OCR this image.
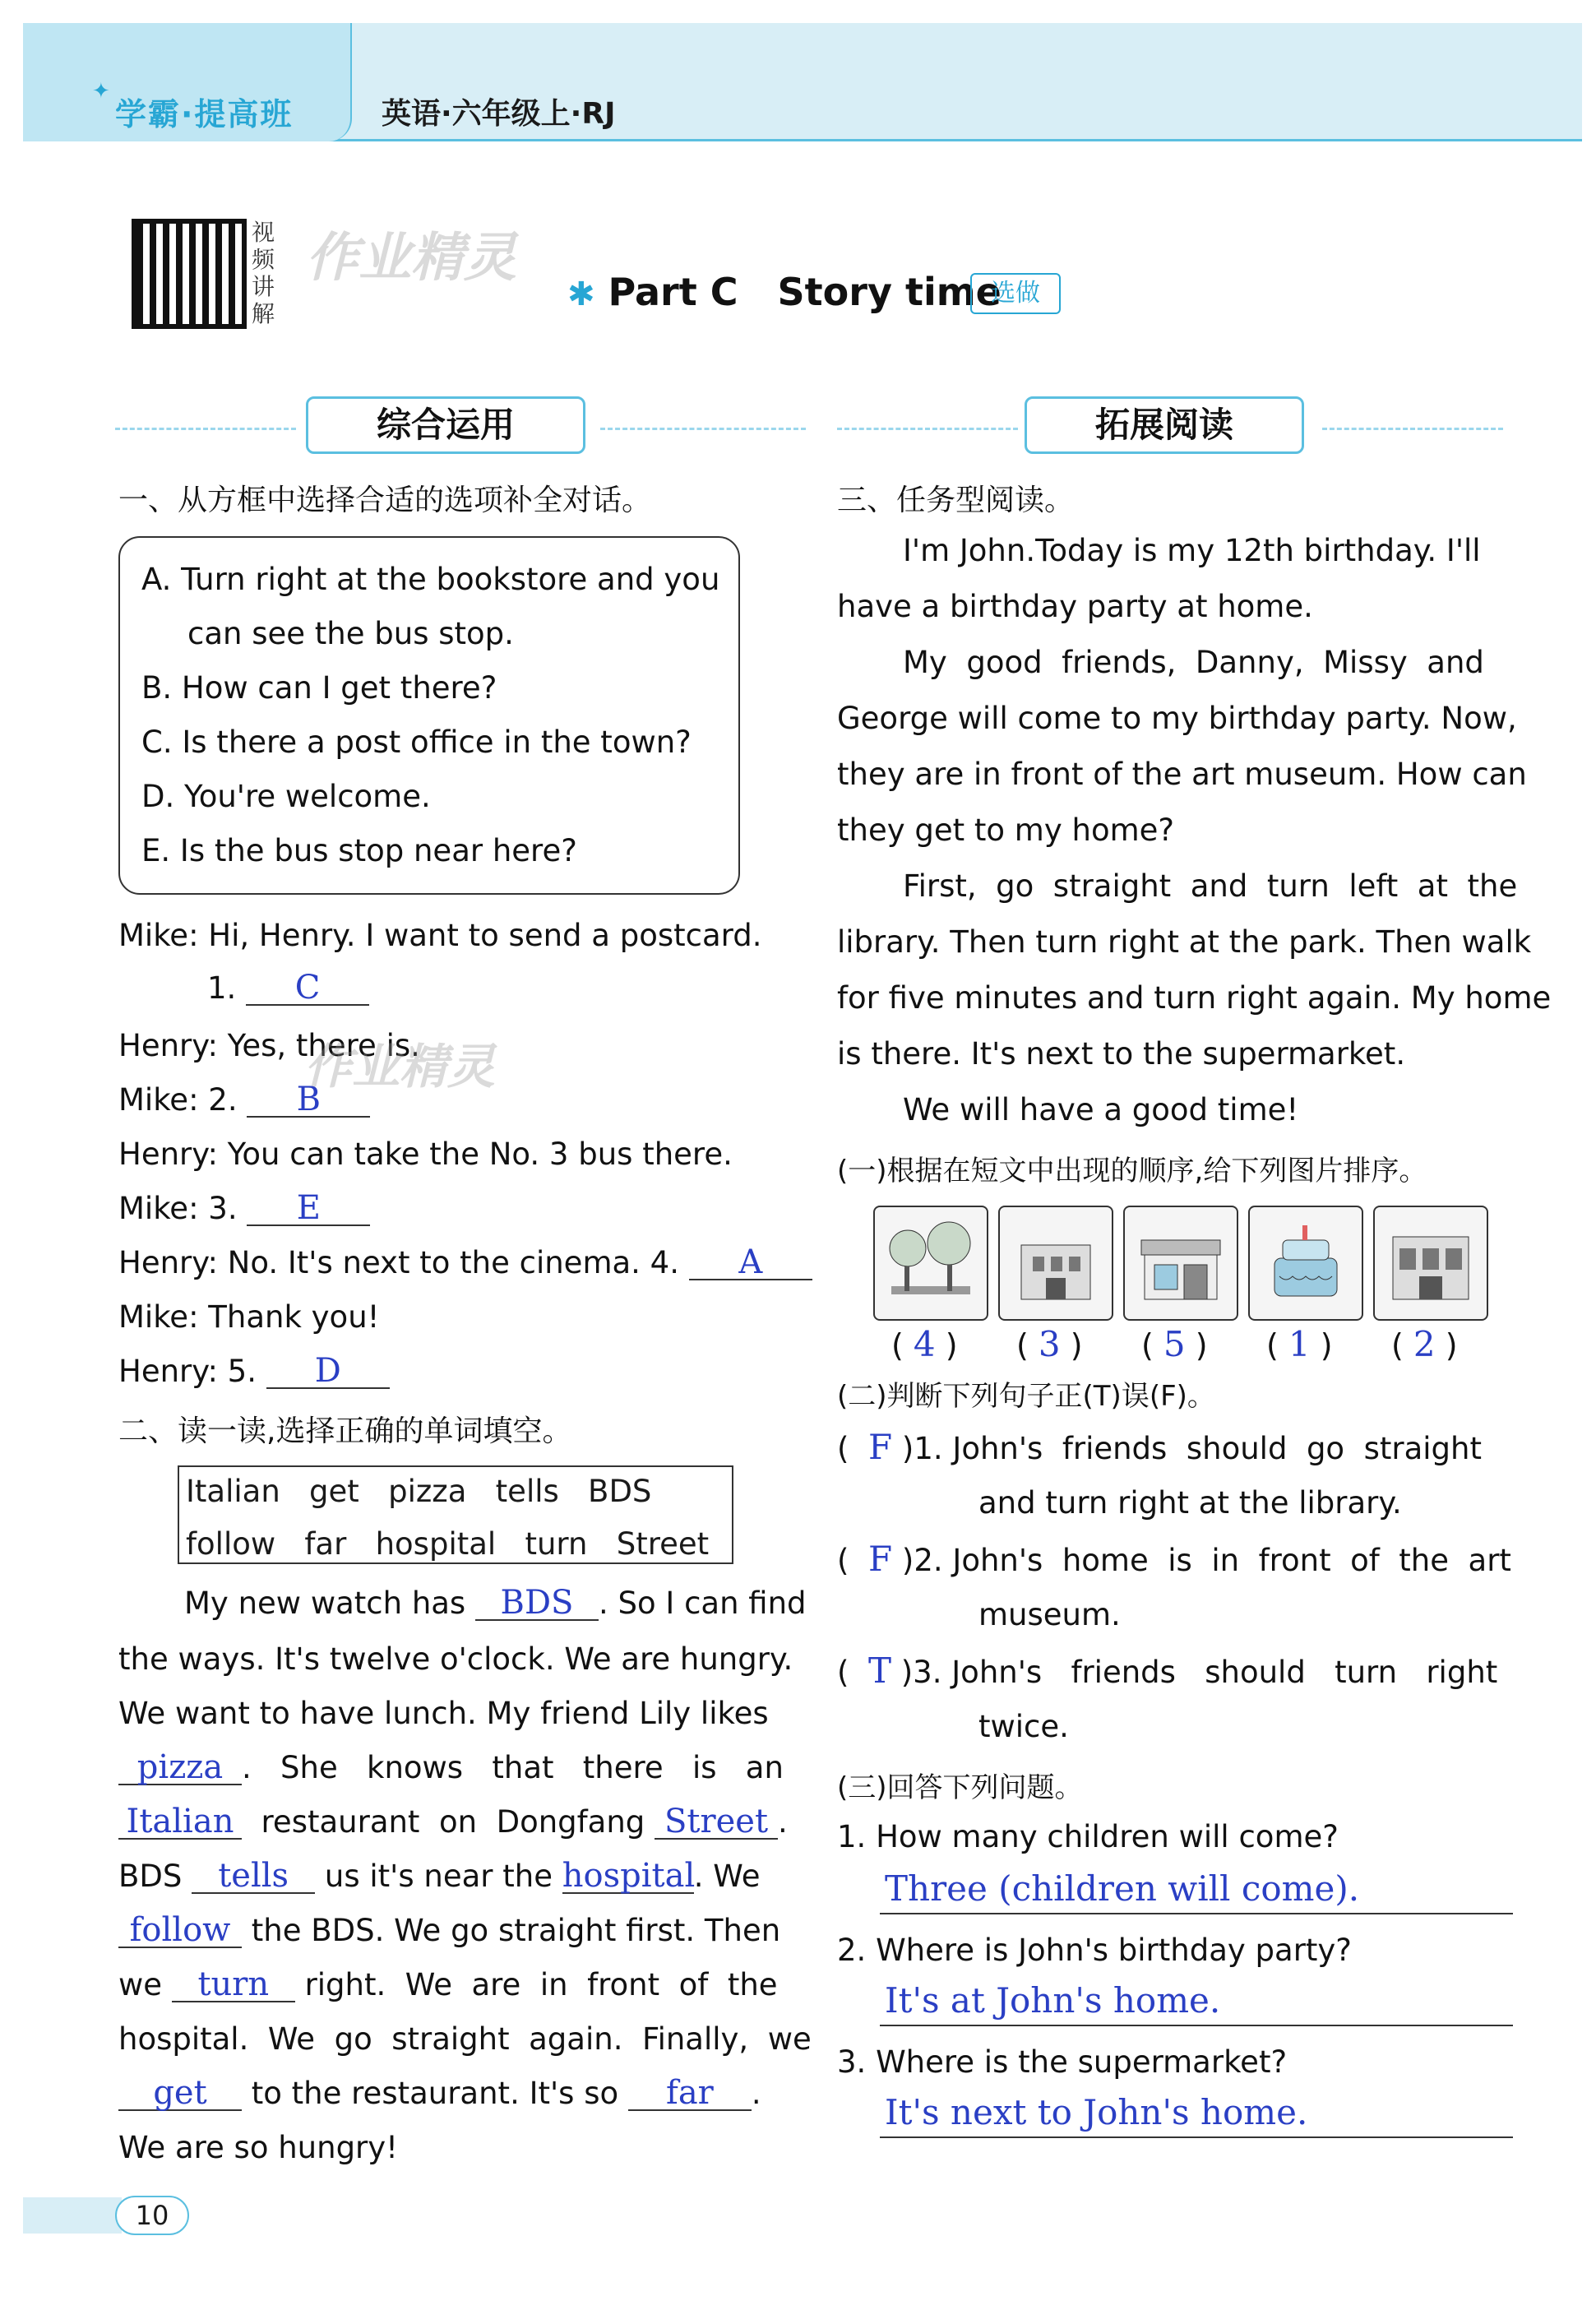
✦
学霸·提高班	英语·六年级上·RJ
视
频
讲
解
作业精灵
✱ Part C   Story time
选做
综合运用	拓展阅读
一、从方框中选择合适的选项补全对话。
A. Turn right at the bookstore and you
can see the bus stop.
B. How can I get there?
C. Is there a post office in the town?
D. You're welcome.
E. Is the bus stop near here?
Mike: Hi, Henry. I want to send a postcard.
1. C
Henry: Yes, there is.
作业精灵
Mike: 2. B
Henry: You can take the No. 3 bus there.
Mike: 3. E
Henry: No. It's next to the cinema. 4. A
Mike: Thank you!
Henry: 5. D
二、读一读,选择正确的单词填空。
Italian   get   pizza   tells   BDS
follow   far   hospital   turn   Street
My new watch has BDS . So I can find
the ways. It's twelve o'clock. We are hungry.
We want to have lunch. My friend Lily likes
pizza .   She   knows   that   there   is   an
Italian restaurant  on  Dongfang Street .
BDS tells us it's near the hospital. We
follow the BDS. We go straight first. Then
we turn right.  We  are  in  front  of  the
hospital.  We  go  straight  again.  Finally,  we
get to the restaurant. It's so far .
We are so hungry!
三、任务型阅读。
I'm John.Today is my 12th birthday. I'll
have a birthday party at home.
My  good  friends,  Danny,  Missy  and
George will come to my birthday party. Now,
they are in front of the art museum. How can
they get to my home?
First,  go  straight  and  turn  left  at  the
library. Then turn right at the park. Then walk
for five minutes and turn right again. My home
is there. It's next to the supermarket.
We will have a good time!
(一)根据在短文中出现的顺序,给下列图片排序。
( 4 ) ( 3 ) ( 5 ) ( 1 ) ( 2 )
(二)判断下列句子正(T)误(F)。
(  F )1. John's  friends  should  go  straight
and turn right at the library.
(  F )2. John's  home  is  in  front  of  the  art
museum.
(  T )3. John's   friends   should   turn   right
twice.
(三)回答下列问题。
1. How many children will come?
Three (children will come).
2. Where is John's birthday party?
It's at John's home.
3. Where is the supermarket?
It's next to John's home.
10
